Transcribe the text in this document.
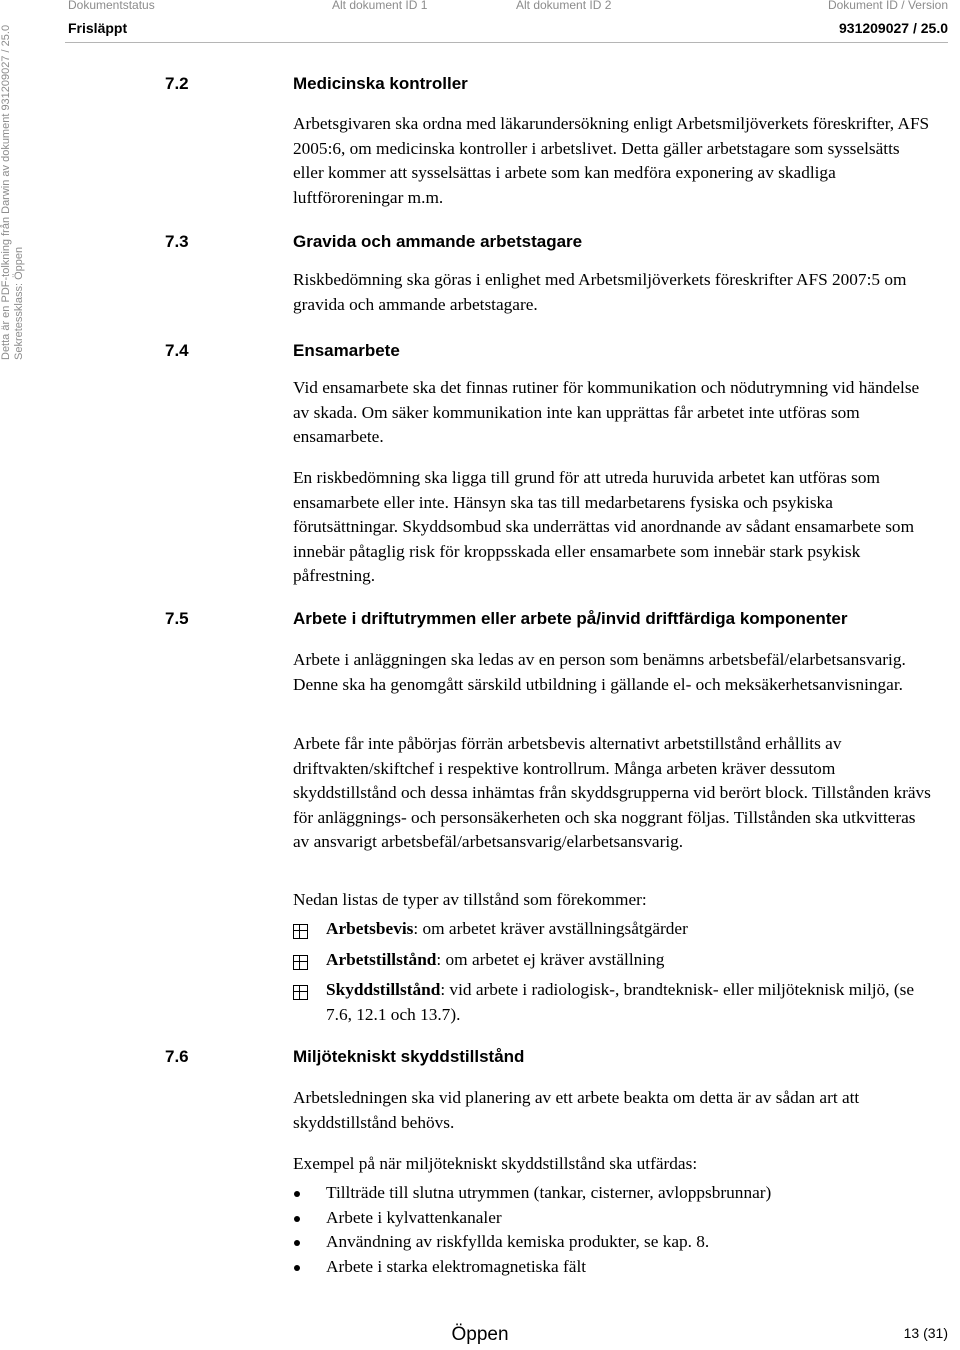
Dokumentstatus	Alt dokument ID 1	Alt dokument ID 2	Dokument ID / Version
Frisläppt	931209027 / 25.0
Detta är en PDF-tolkning från Darwin av dokument 931209027 / 25.0 Sekretessklass: Öppen
7.2	Medicinska kontroller

Arbetsgivaren ska ordna med läkarundersökning enligt Arbetsmiljöverkets föreskrifter, AFS 2005:6, om medicinska kontroller i arbetslivet. Detta gäller arbetstagare som sysselsätts eller kommer att sysselsättas i arbete som kan medföra exponering av skadliga luftföroreningar m.m.

7.3	Gravida och ammande arbetstagare

Riskbedömning ska göras i enlighet med Arbetsmiljöverkets föreskrifter AFS 2007:5 om gravida och ammande arbetstagare.

7.4	Ensamarbete

Vid ensamarbete ska det finnas rutiner för kommunikation och nödutrymning vid händelse av skada. Om säker kommunikation inte kan upprättas får arbetet inte utföras som ensamarbete.

En riskbedömning ska ligga till grund för att utreda huruvida arbetet kan utföras som ensamarbete eller inte. Hänsyn ska tas till medarbetarens fysiska och psykiska förutsättningar. Skyddsombud ska underrättas vid anordnande av sådant ensamarbete som innebär påtaglig risk för kroppsskada eller ensamarbete som innebär stark psykisk påfrestning.

7.5	Arbete i driftutrymmen eller arbete på/invid driftfärdiga komponenter

Arbete i anläggningen ska ledas av en person som benämns arbetsbefäl/elarbetsansvarig. Denne ska ha genomgått särskild utbildning i gällande el- och meksäkerhetsanvisningar.

Arbete får inte påbörjas förrän arbetsbevis alternativt arbetstillstånd erhållits av driftvakten/skiftchef i respektive kontrollrum. Många arbeten kräver dessutom skyddstillstånd och dessa inhämtas från skyddsgrupperna vid berört block. Tillstånden krävs för anläggnings- och personsäkerheten och ska noggrant följas. Tillstånden ska utkvitteras av ansvarigt arbetsbefäl/arbetsansvarig/elarbetsansvarig.

Nedan listas de typer av tillstånd som förekommer:

Arbetsbevis: om arbetet kräver avställningsåtgärder
Arbetstillstånd: om arbetet ej kräver avställning
Skyddstillstånd: vid arbete i radiologisk-, brandteknisk- eller miljöteknisk miljö, (se 7.6, 12.1 och 13.7).
7.6	Miljötekniskt skyddstillstånd

Arbetsledningen ska vid planering av ett arbete beakta om detta är av sådan art att skyddstillstånd behövs.

Exempel på när miljötekniskt skyddstillstånd ska utfärdas:

Tillträde till slutna utrymmen (tankar, cisterner, avloppsbrunnar)
Arbete i kylvattenkanaler
Användning av riskfyllda kemiska produkter, se kap. 8.
Arbete i starka elektromagnetiska fält
Öppen	13 (31)
